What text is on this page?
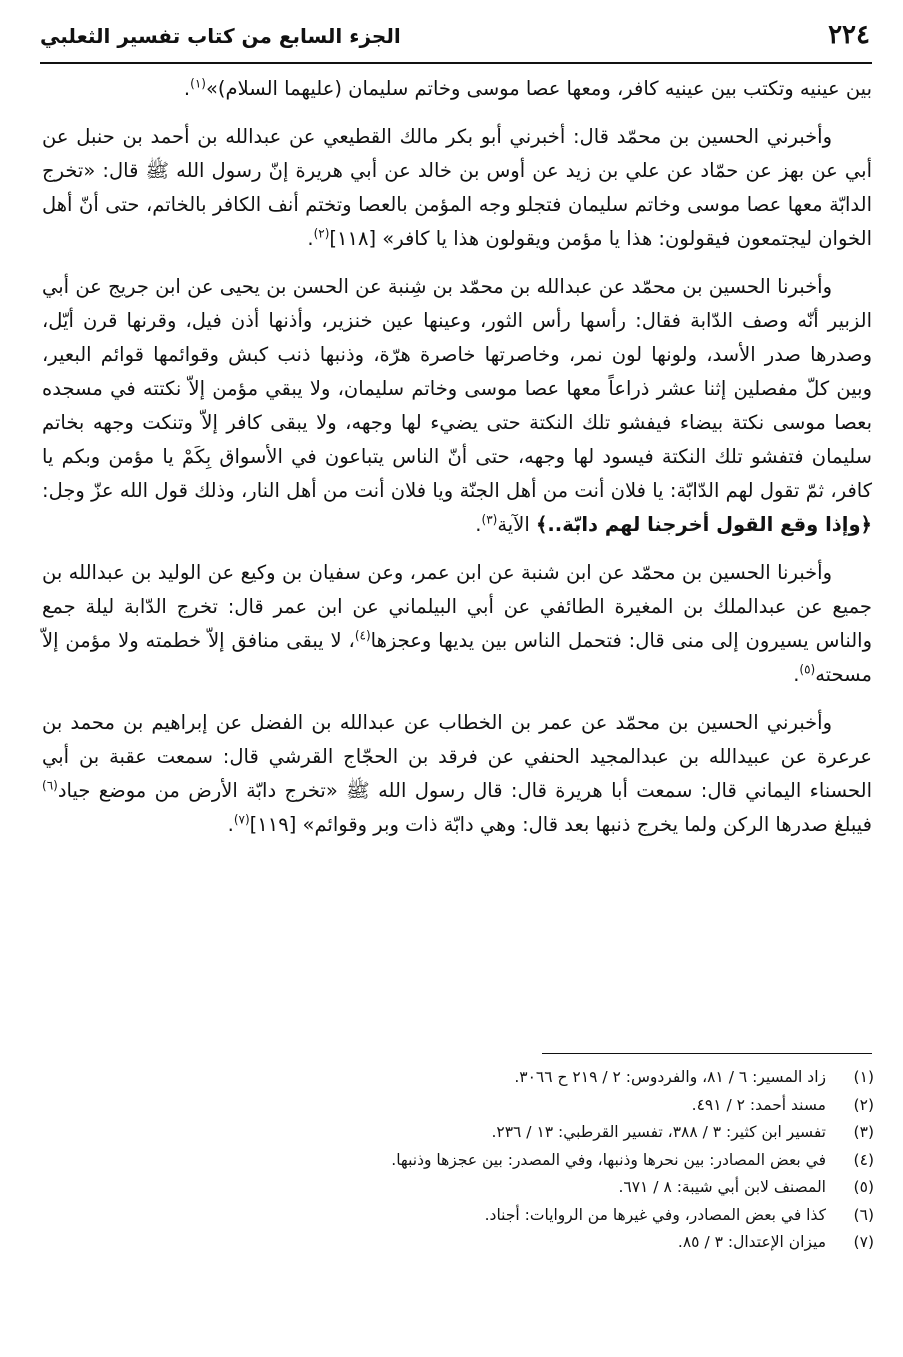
٢٢٤
الجزء السابع من كتاب تفسير الثعلبي

بين عينيه وتكتب بين عينيه كافر، ومعها عصا موسى وخاتم سليمان (عليهما السلام)»$^{(١)}$.

وأخبرني الحسين بن محمّد قال: أخبرني أبو بكر مالك القطيعي عن عبدالله بن أحمد بن حنبل عن أبي عن بهز عن حمّاد عن علي بن زيد عن أوس بن خالد عن أبي هريرة إنّ رسول الله ﷺ قال: «تخرج الدابّة معها عصا موسى وخاتم سليمان فتجلو وجه المؤمن بالعصا وتختم أنف الكافر بالخاتم، حتى أنّ أهل الخوان ليجتمعون فيقولون: هذا يا مؤمن ويقولون هذا يا كافر» [١١٨]$^{(٢)}$.

وأخبرنا الحسين بن محمّد عن عبدالله بن محمّد بن شِنبة عن الحسن بن يحيى عن ابن جريج عن أبي الزبير أنّه وصف الدّابة فقال: رأسها رأس الثور، وعينها عين خنزير، وأذنها أذن فيل، وقرنها قرن أيّل، وصدرها صدر الأسد، ولونها لون نمر، وخاصرتها خاصرة هرّة، وذنبها ذنب كبش وقوائمها قوائم البعير، وبين كلّ مفصلين إثنا عشر ذراعاً معها عصا موسى وخاتم سليمان، ولا يبقي مؤمن إلاّ نكتته في مسجده بعصا موسى نكتة بيضاء فيفشو تلك النكتة حتى يضيء لها وجهه، ولا يبقى كافر إلاّ وتنكت وجهه بخاتم سليمان فتفشو تلك النكتة فيسود لها وجهه، حتى أنّ الناس يتباعون في الأسواق بِكَمْ يا مؤمن وبكم يا كافر، ثمّ تقول لهم الدّابّة: يا فلان أنت من أهل الجنّة ويا فلان أنت من أهل النار، وذلك قول الله عزّ وجل: ﴿وإذا وقع القول أخرجنا لهم دابّة..﴾ الآية$^{(٣)}$.

وأخبرنا الحسين بن محمّد عن ابن شنبة عن ابن عمر، وعن سفيان بن وكيع عن الوليد بن عبدالله بن جميع عن عبدالملك بن المغيرة الطائفي عن أبي البيلماني عن ابن عمر قال: تخرج الدّابة ليلة جمع والناس يسيرون إلى منى قال: فتحمل الناس بين يديها وعجزها$^{(٤)}$، لا يبقى منافق إلاّ خطمته ولا مؤمن إلاّ مسحته$^{(٥)}$.

وأخبرني الحسين بن محمّد عن عمر بن الخطاب عن عبدالله بن الفضل عن إبراهيم بن محمد بن عرعرة عن عبيدالله بن عبدالمجيد الحنفي عن فرقد بن الحجّاج القرشي قال: سمعت عقبة بن أبي الحسناء اليماني قال: سمعت أبا هريرة قال: قال رسول الله ﷺ «تخرج دابّة الأرض من موضع جياد$^{(٦)}$ فيبلغ صدرها الركن ولما يخرج ذنبها بعد قال: وهي دابّة ذات وبر وقوائم» [١١٩]$^{(٧)}$.

(١)زاد المسير: ٦ / ٨١، والفردوس: ٢ / ٢١٩ ح ٣٠٦٦.
(٢)مسند أحمد: ٢ / ٤٩١.
(٣)تفسير ابن كثير: ٣ / ٣٨٨، تفسير القرطبي: ١٣ / ٢٣٦.
(٤)في بعض المصادر: بين نحرها وذنبها، وفي المصدر: بين عجزها وذنبها.
(٥)المصنف لابن أبي شيبة: ٨ / ٦٧١.
(٦)كذا في بعض المصادر، وفي غيرها من الروايات: أجناد.
(٧)ميزان الإعتدال: ٣ / ٨٥.
